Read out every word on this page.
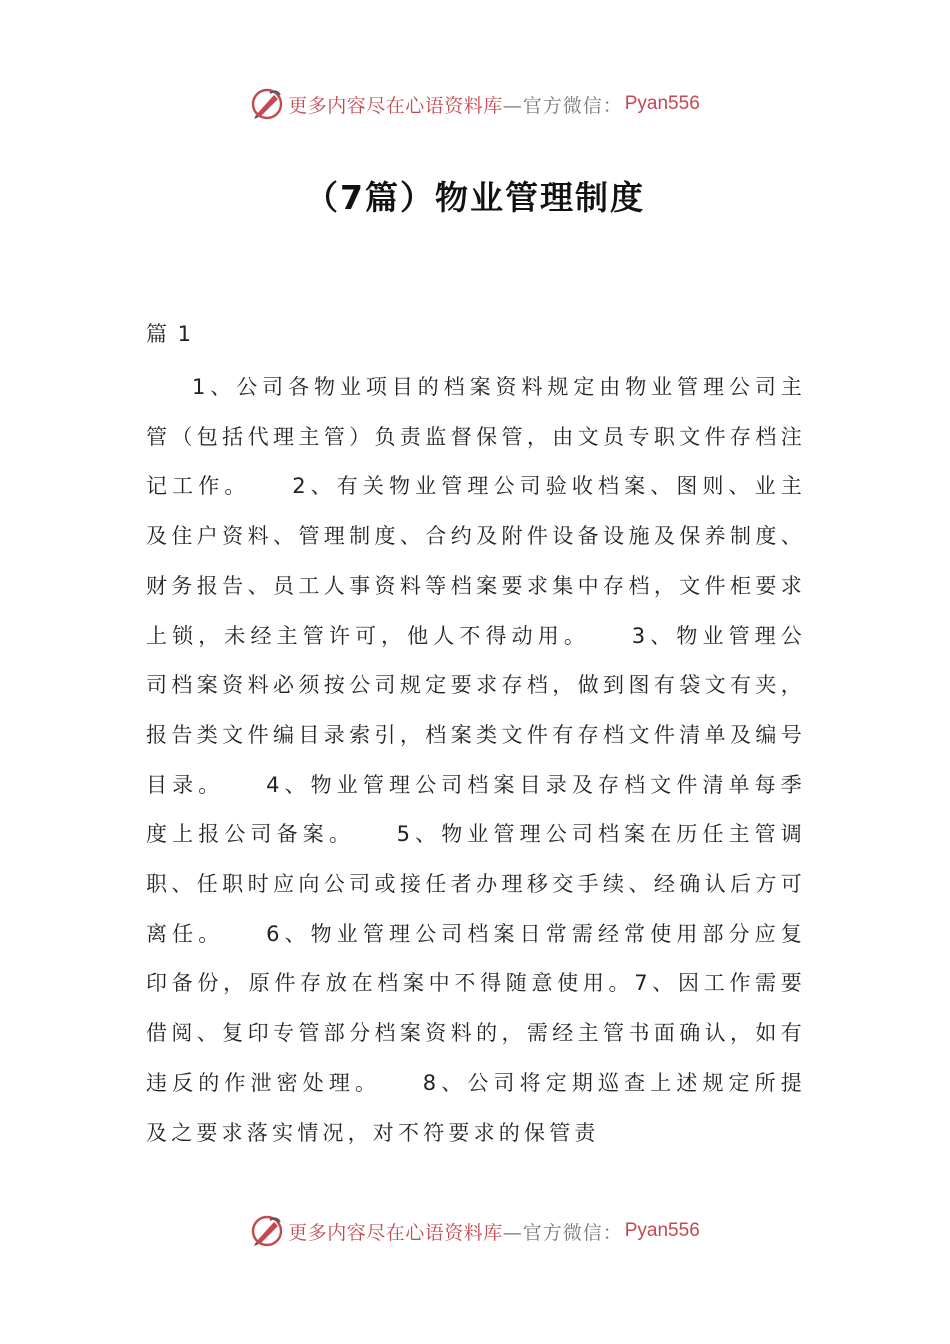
更多内容尽在心语资料库 —官方微信： Pyan556
（7篇）物业管理制度
篇 1

1、公司各物业项目的档案资料规定由物业管理公司主管（包括代理主管）负责监督保管，由文员专职文件存档注记工作。　　2、有关物业管理公司验收档案、图则、业主及住户资料、管理制度、合约及附件设备设施及保养制度、财务报告、员工人事资料等档案要求集中存档，文件柜要求上锁，未经主管许可，他人不得动用。　　3、物业管理公司档案资料必须按公司规定要求存档，做到图有袋文有夹，报告类文件编目录索引，档案类文件有存档文件清单及编号目录。　　4、物业管理公司档案目录及存档文件清单每季度上报公司备案。　　5、物业管理公司档案在历任主管调职、任职时应向公司或接任者办理移交手续、经确认后方可离任。　　6、物业管理公司档案日常需经常使用部分应复印备份，原件存放在档案中不得随意使用。7、因工作需要借阅、复印专管部分档案资料的，需经主管书面确认，如有违反的作泄密处理。　　8、公司将定期巡查上述规定所提及之要求落实情况，对不符要求的保管责

更多内容尽在心语资料库 —官方微信： Pyan556
